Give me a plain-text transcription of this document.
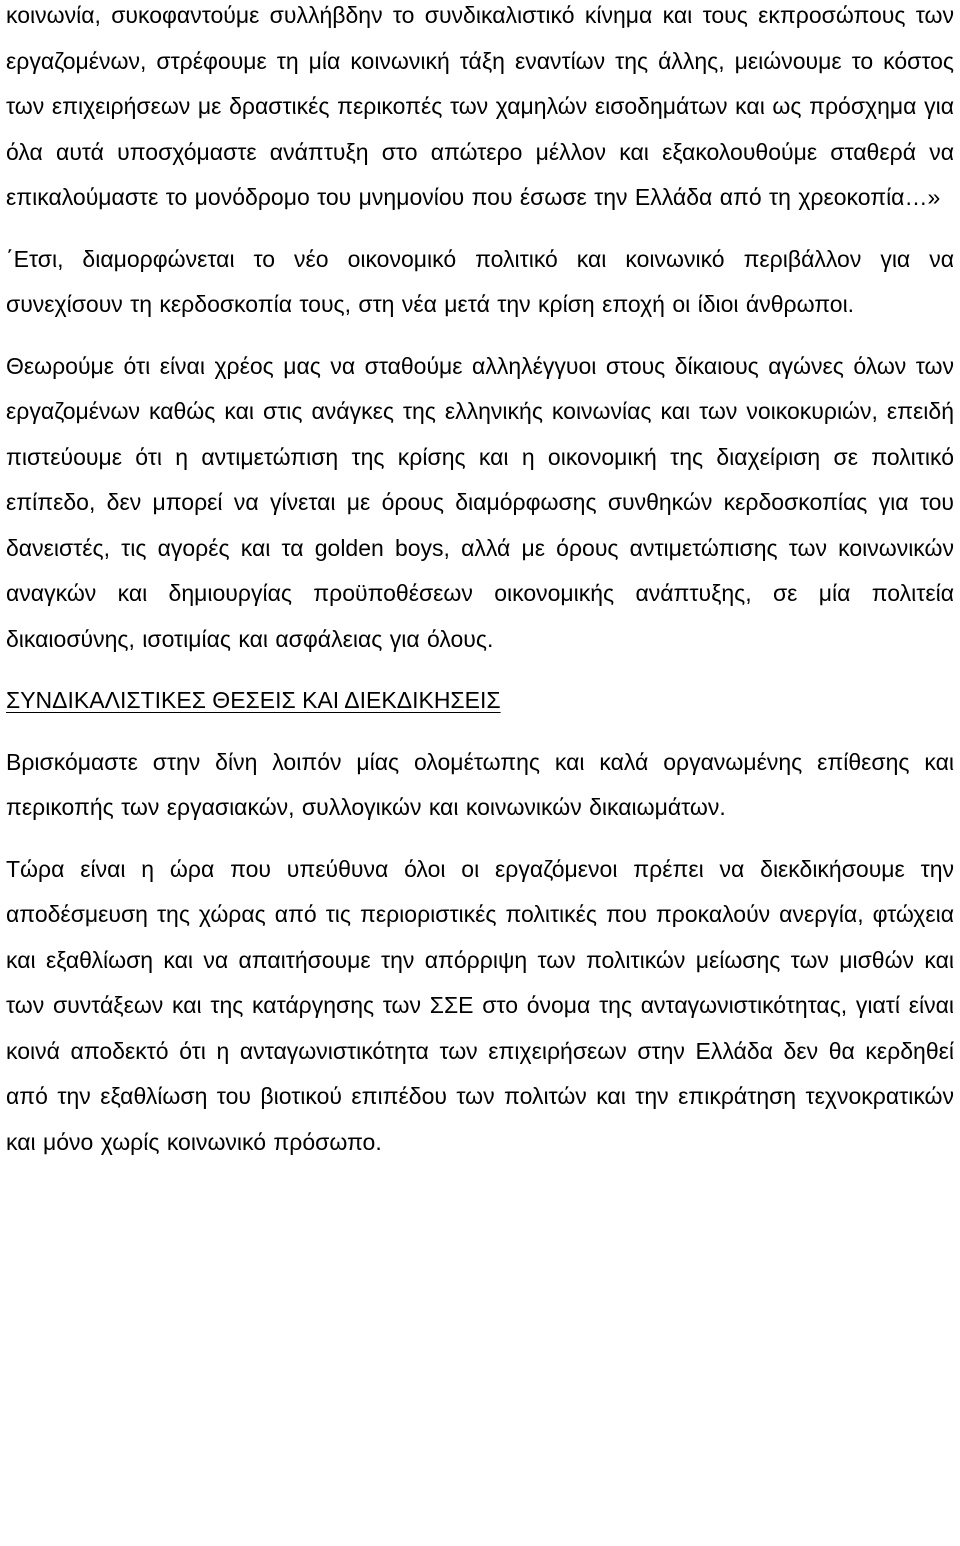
κοινωνία, συκοφαντούμε συλλήβδην το συνδικαλιστικό κίνημα και τους εκπροσώπους των εργαζομένων, στρέφουμε τη μία κοινωνική τάξη εναντίων της άλλης, μειώνουμε το κόστος των επιχειρήσεων με δραστικές περικοπές των χαμηλών εισοδημάτων και ως πρόσχημα για όλα αυτά υποσχόμαστε ανάπτυξη στο απώτερο μέλλον και εξακολουθούμε σταθερά να επικαλούμαστε το μονόδρομο του μνημονίου που έσωσε την Ελλάδα από τη χρεοκοπία…»

΄Ετσι, διαμορφώνεται το νέο οικονομικό πολιτικό και κοινωνικό περιβάλλον για να συνεχίσουν τη κερδοσκοπία τους, στη νέα μετά την κρίση εποχή οι ίδιοι άνθρωποι.

Θεωρούμε ότι είναι χρέος μας να σταθούμε αλληλέγγυοι στους δίκαιους αγώνες όλων των εργαζομένων καθώς και στις ανάγκες της ελληνικής κοινωνίας και των νοικοκυριών, επειδή πιστεύουμε ότι η αντιμετώπιση της κρίσης και η οικονομική της διαχείριση σε πολιτικό επίπεδο, δεν μπορεί να γίνεται με όρους διαμόρφωσης συνθηκών κερδοσκοπίας για του δανειστές, τις αγορές και τα golden boys, αλλά με όρους αντιμετώπισης των κοινωνικών αναγκών και δημιουργίας προϋποθέσεων οικονομικής ανάπτυξης, σε μία πολιτεία δικαιοσύνης, ισοτιμίας και ασφάλειας για όλους.

ΣΥΝΔΙΚΑΛΙΣΤΙΚΕΣ ΘΕΣΕΙΣ ΚΑΙ ΔΙΕΚΔΙΚΗΣΕΙΣ

Βρισκόμαστε στην δίνη λοιπόν μίας ολομέτωπης και καλά οργανωμένης επίθεσης και περικοπής των εργασιακών, συλλογικών και κοινωνικών δικαιωμάτων.

Τώρα είναι η ώρα που υπεύθυνα όλοι οι εργαζόμενοι πρέπει να διεκδικήσουμε την αποδέσμευση της χώρας από τις περιοριστικές πολιτικές που προκαλούν ανεργία, φτώχεια και εξαθλίωση και να απαιτήσουμε την απόρριψη των πολιτικών μείωσης των μισθών και των συντάξεων και της κατάργησης των ΣΣΕ στο όνομα της ανταγωνιστικότητας, γιατί είναι κοινά αποδεκτό ότι η ανταγωνιστικότητα των επιχειρήσεων στην Ελλάδα δεν θα κερδηθεί από την εξαθλίωση του βιοτικού επιπέδου των πολιτών και την επικράτηση τεχνοκρατικών και μόνο χωρίς κοινωνικό πρόσωπο.
